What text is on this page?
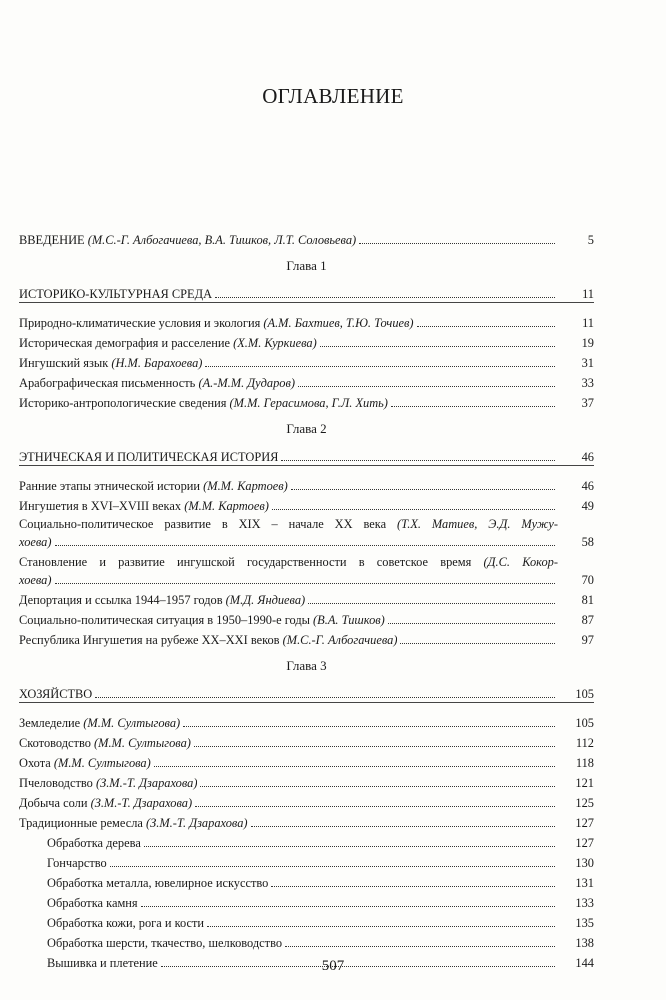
ОГЛАВЛЕНИЕ
ВВЕДЕНИЕ (М.С.-Г. Албогачиева, В.А. Тишков, Л.Т. Соловьева)	5
Глава 1
ИСТОРИКО-КУЛЬТУРНАЯ СРЕДА	11
Природно-климатические условия и экология (А.М. Бахтиев, Т.Ю. Точиев)	11
Историческая демография и расселение (Х.М. Куркиева)	19
Ингушский язык (Н.М. Барахоева)	31
Арабографическая письменность (А.-М.М. Дударов)	33
Историко-антропологические сведения (М.М. Герасимова, Г.Л. Хить)	37
Глава 2
ЭТНИЧЕСКАЯ И ПОЛИТИЧЕСКАЯ ИСТОРИЯ	46
Ранние этапы этнической истории (М.М. Картоев)	46
Ингушетия в XVI–XVIII веках (М.М. Картоев)	49
Социально-политическое развитие в XIX – начале XX века (Т.Х. Матиев, Э.Д. Мужу-
хоева)	58
Становление и развитие ингушской государственности в советское время (Д.С. Кокор-
хоева)	70
Депортация и ссылка 1944–1957 годов (М.Д. Яндиева)	81
Социально-политическая ситуация в 1950–1990-е годы (В.А. Тишков)	87
Республика Ингушетия на рубеже XX–XXI веков (М.С.-Г. Албогачиева)	97
Глава 3
ХОЗЯЙСТВО	105
Земледелие (М.М. Султыгова)	105
Скотоводство (М.М. Султыгова)	112
Охота (М.М. Султыгова)	118
Пчеловодство (З.М.-Т. Дзарахова)	121
Добыча соли (З.М.-Т. Дзарахова)	125
Традиционные ремесла (З.М.-Т. Дзарахова)	127
Обработка дерева	127
Гончарство	130
Обработка металла, ювелирное искусство	131
Обработка камня	133
Обработка кожи, рога и кости	135
Обработка шерсти, ткачество, шелководство	138
Вышивка и плетение	144
507
